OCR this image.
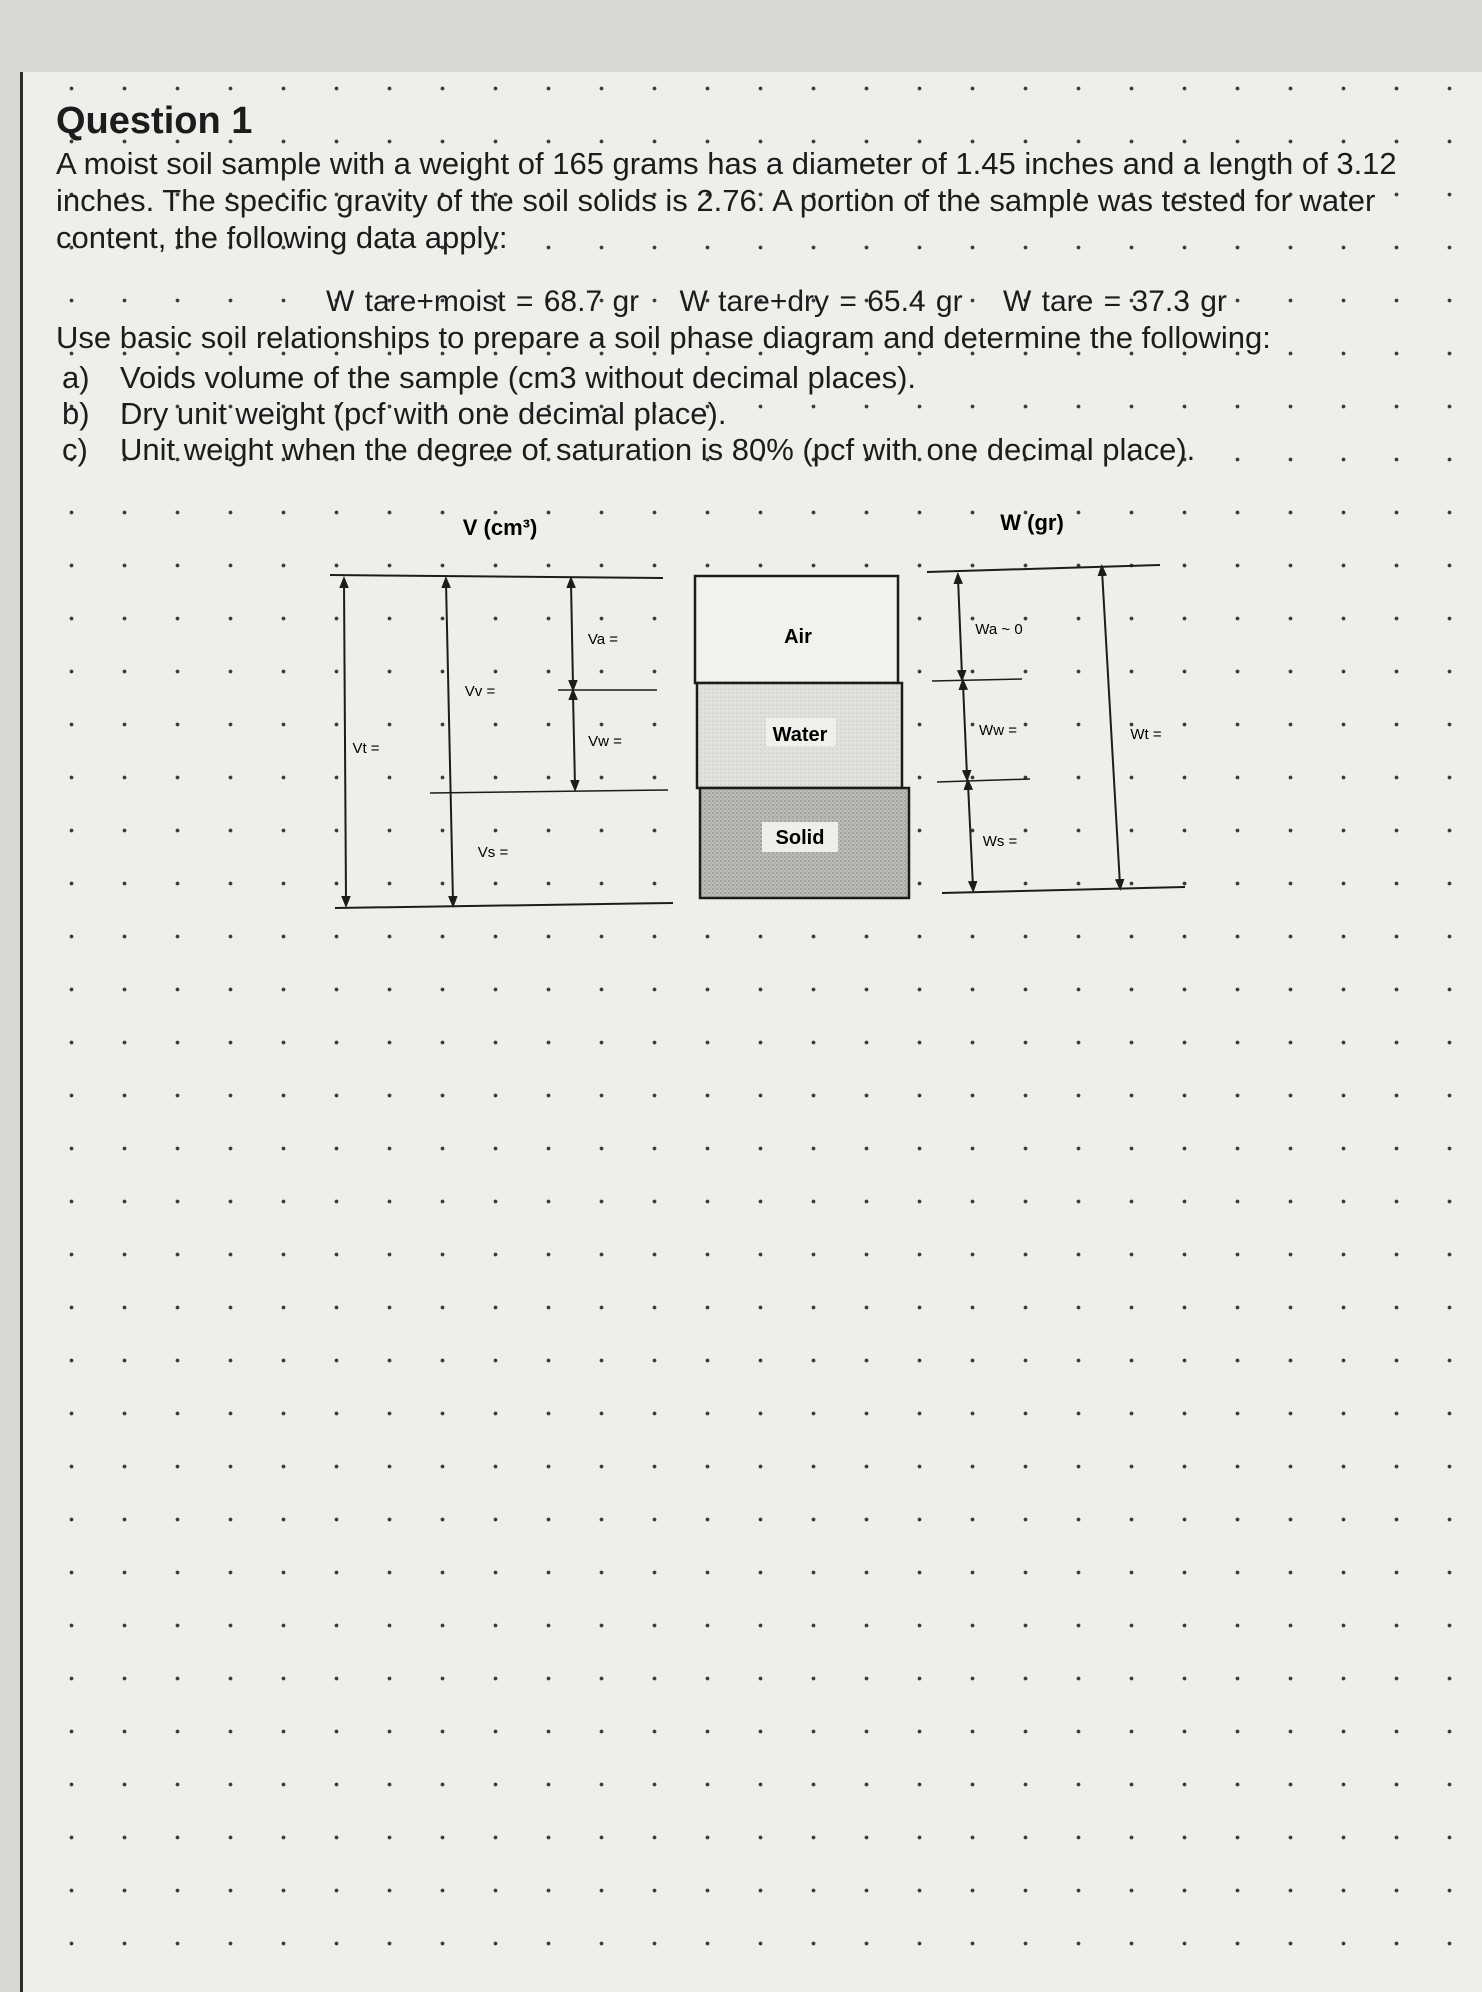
Question 1
A moist soil sample with a weight of 165 grams has a diameter of 1.45 inches and a length of 3.12
inches. The specific gravity of the soil solids is 2.76. A portion of the sample was tested for water
content, the following data apply:
W tare+moist = 68.7 gr W tare+dry = 65.4 gr W tare = 37.3 gr
Use basic soil relationships to prepare a soil phase diagram and determine the following:
a) Voids volume of the sample (cm3 without decimal places).
b) Dry unit weight (pcf with one decimal place).
c) Unit weight when the degree of saturation is 80% (pcf with one decimal place).
V (cm³)	W (gr)
Vt =
Vv =
Va =
Vw =
Vs =
Air
Water
Solid
Wa ~ 0
Ww =
Ws =
Wt =
